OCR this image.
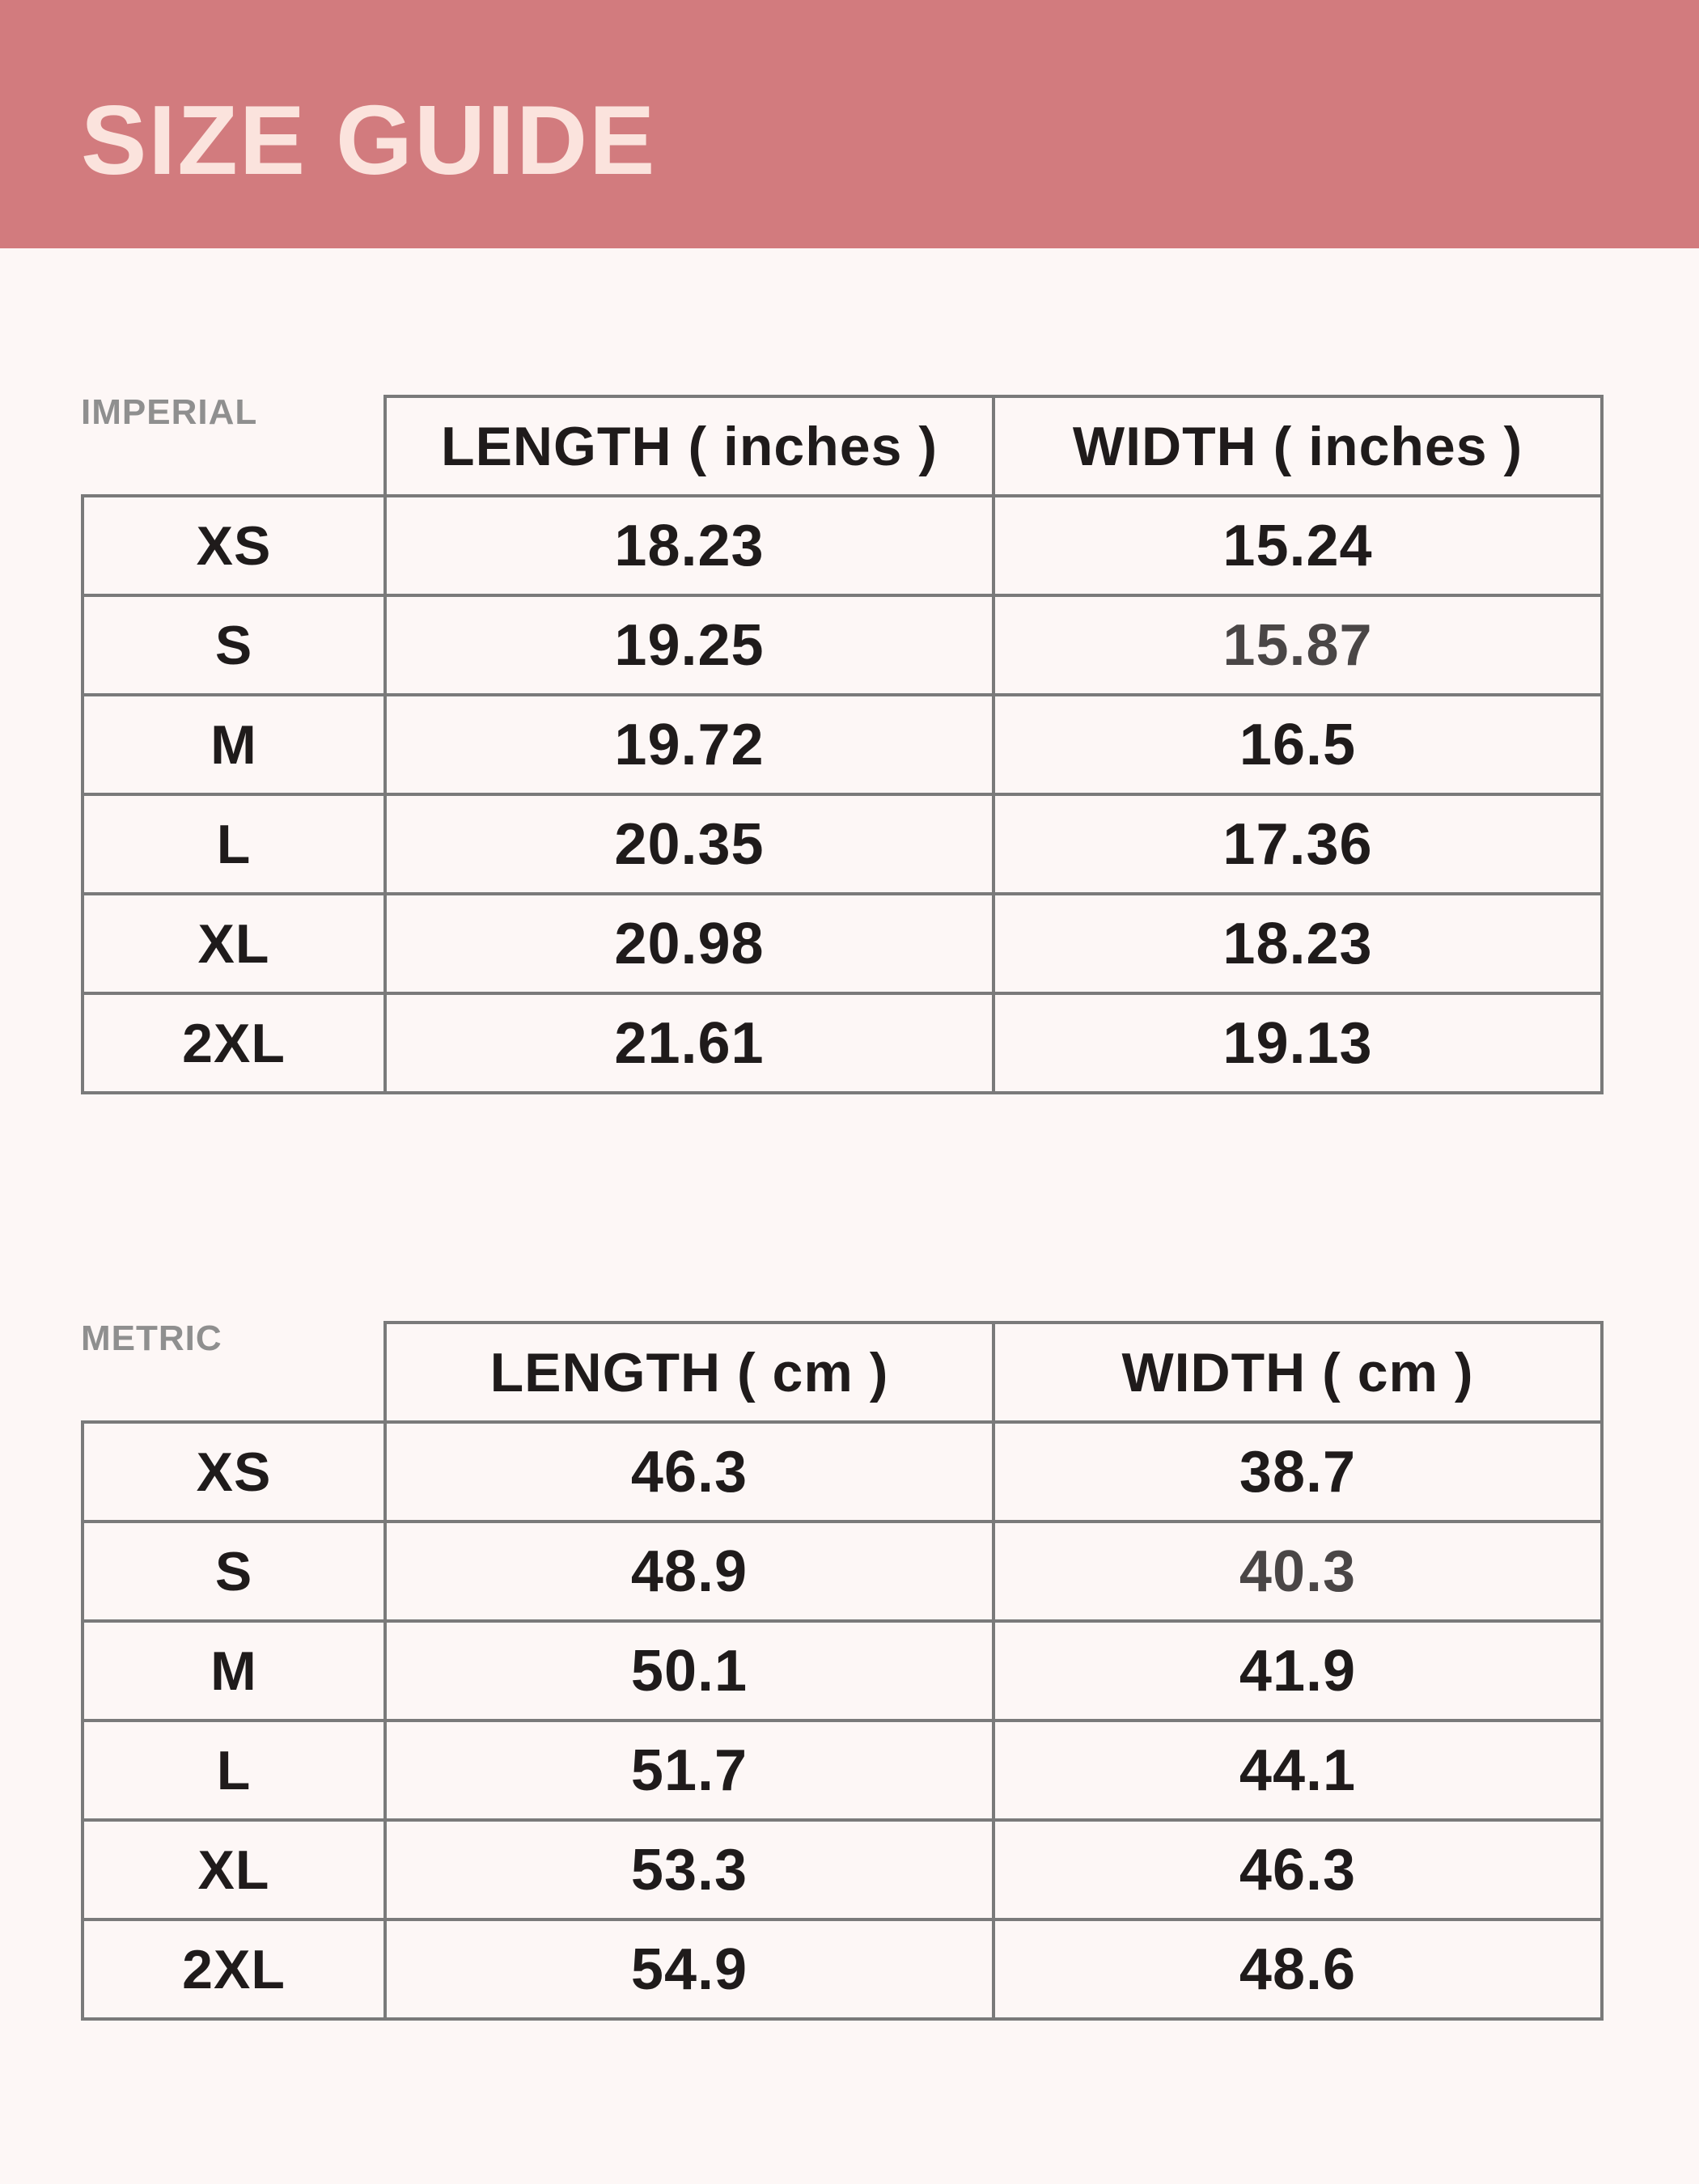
SIZE GUIDE
	LENGTH ( inches )	WIDTH ( inches )
XS	18.23	15.24
S	19.25	15.87
M	19.72	16.5
L	20.35	17.36
XL	20.98	18.23
2XL	21.61	19.13
IMPERIAL
	LENGTH ( cm )	WIDTH ( cm )
XS	46.3	38.7
S	48.9	40.3
M	50.1	41.9
L	51.7	44.1
XL	53.3	46.3
2XL	54.9	48.6
METRIC
